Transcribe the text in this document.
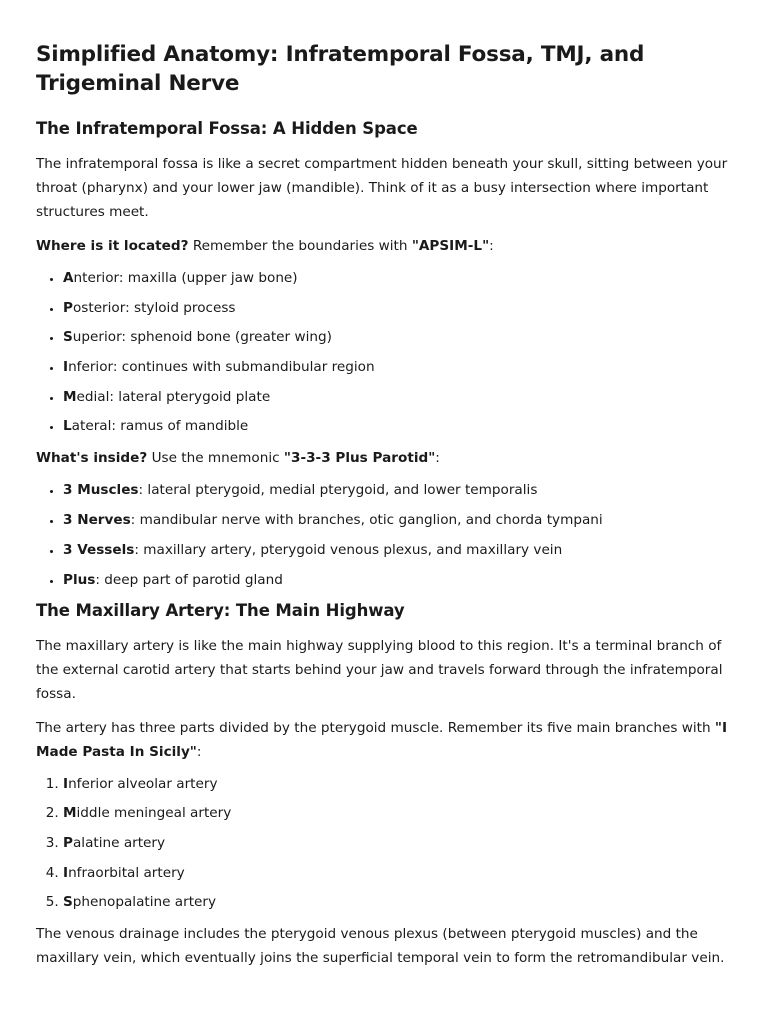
Simplified Anatomy: Infratemporal Fossa, TMJ, and Trigeminal Nerve
The Infratemporal Fossa: A Hidden Space

The infratemporal fossa is like a secret compartment hidden beneath your skull, sitting between your throat (pharynx) and your lower jaw (mandible). Think of it as a busy intersection where important structures meet.

Where is it located? Remember the boundaries with "APSIM-L":

• Anterior: maxilla (upper jaw bone)
• Posterior: styloid process
• Superior: sphenoid bone (greater wing)
• Inferior: continues with submandibular region
• Medial: lateral pterygoid plate
• Lateral: ramus of mandible

What's inside? Use the mnemonic "3-3-3 Plus Parotid":

• 3 Muscles: lateral pterygoid, medial pterygoid, and lower temporalis
• 3 Nerves: mandibular nerve with branches, otic ganglion, and chorda tympani
• 3 Vessels: maxillary artery, pterygoid venous plexus, and maxillary vein
• Plus: deep part of parotid gland
The Maxillary Artery: The Main Highway

The maxillary artery is like the main highway supplying blood to this region. It's a terminal branch of the external carotid artery that starts behind your jaw and travels forward through the infratemporal fossa.

The artery has three parts divided by the pterygoid muscle. Remember its five main branches with "I Made Pasta In Sicily":

1. Inferior alveolar artery
2. Middle meningeal artery
3. Palatine artery
4. Infraorbital artery
5. Sphenopalatine artery

The venous drainage includes the pterygoid venous plexus (between pterygoid muscles) and the maxillary vein, which eventually joins the superficial temporal vein to form the retromandibular vein.
